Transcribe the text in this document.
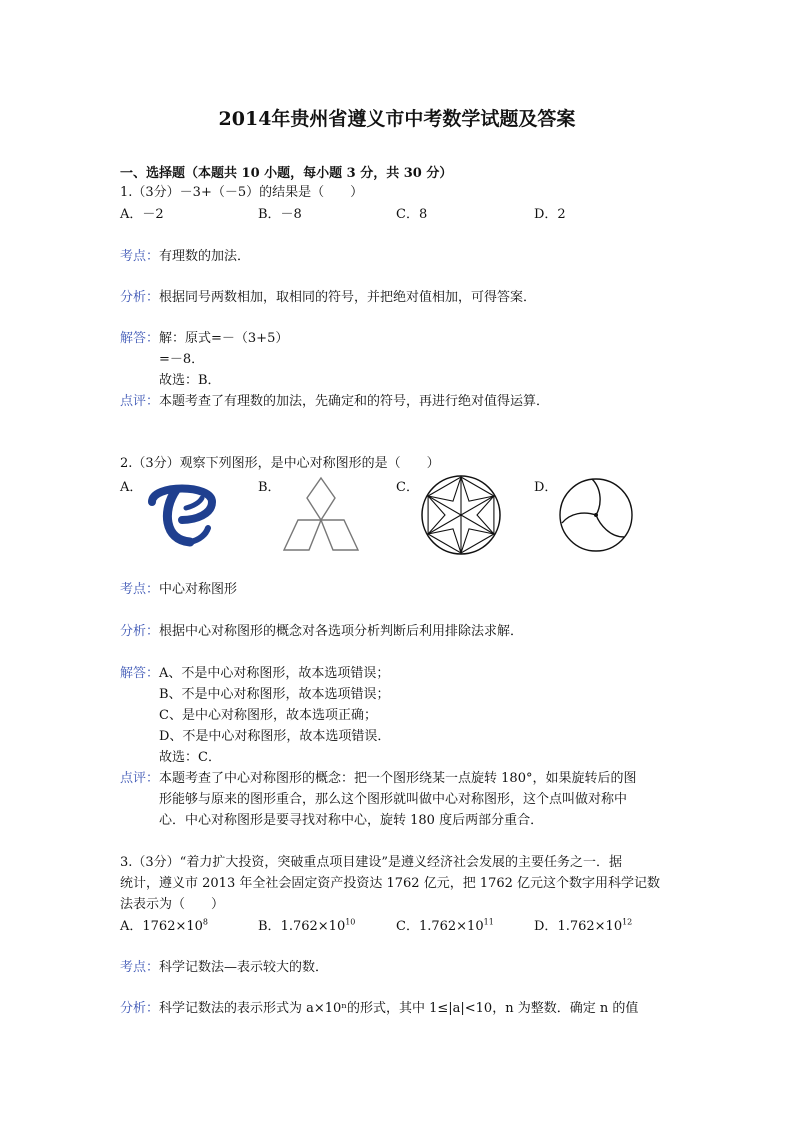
2014年贵州省遵义市中考数学试题及答案
一、选择题（本题共 10 小题，每小题 3 分，共 30 分）
1.（3分）－3+（－5）的结果是（　　）
A．－2	B．－8	C．8	D．2
考点：有理数的加法．
分析：根据同号两数相加，取相同的符号，并把绝对值相加，可得答案．
解答：解：原式=－（3+5）
=－8．
故选：B．
点评：本题考查了有理数的加法，先确定和的符号，再进行绝对值得运算．
2.（3分）观察下列图形，是中心对称图形的是（　　）
A．	B．	C．	D．
考点：中心对称图形
分析：根据中心对称图形的概念对各选项分析判断后利用排除法求解．
解答：A、不是中心对称图形，故本选项错误；
B、不是中心对称图形，故本选项错误；
C、是中心对称图形，故本选项正确；
D、不是中心对称图形，故本选项错误．
故选：C．
点评：本题考查了中心对称图形的概念：把一个图形绕某一点旋转 180°，如果旋转后的图
形能够与原来的图形重合，那么这个图形就叫做中心对称图形，这个点叫做对称中
心．中心对称图形是要寻找对称中心，旋转 180 度后两部分重合．
3.（3分）“着力扩大投资，突破重点项目建设”是遵义经济社会发展的主要任务之一．据
统计，遵义市 2013 年全社会固定资产投资达 1762 亿元，把 1762 亿元这个数字用科学记数
法表示为（　　）
A．$1762\times 10^8$	B．$1.762\times 10^{10}$	C．$1.762\times 10^{11}$	D．$1.762\times 10^{12}$
考点：科学记数法—表示较大的数．
分析：科学记数法的表示形式为 a×10ⁿ的形式，其中 1≤|a|<10，n 为整数．确定 n 的值
